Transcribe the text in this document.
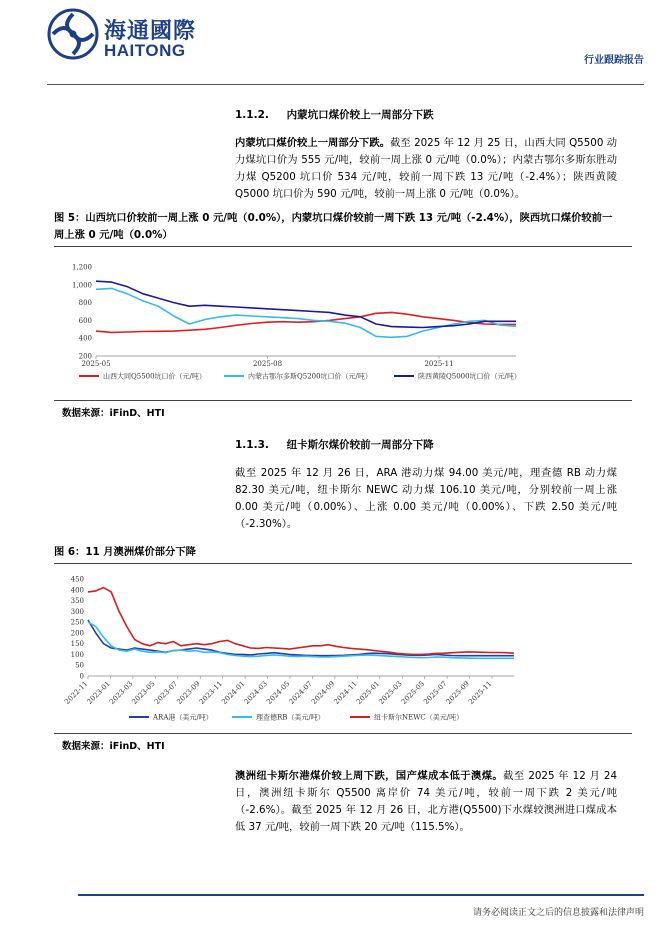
海通國際
HAITONG
行业跟踪报告
1.1.2. 内蒙坑口煤价较上一周部分下跌
内蒙坑口煤价较上一周部分下跌。截至 2025 年 12 月 25 日，山西大同 Q5500 动力煤坑口价为 555 元/吨，较前一周上涨 0 元/吨（0.0%）；内蒙古鄂尔多斯东胜动力煤 Q5200 坑口价 534 元/吨，较前一周下跌 13 元/吨（-2.4%）；陕西黄陵 Q5000 坑口价为 590 元/吨，较前一周上涨 0 元/吨（0.0%）。
图 5：山西坑口价较前一周上涨 0 元/吨（0.0%），内蒙坑口煤价较前一周下跌 13 元/吨（-2.4%），陕西坑口煤价较前一周上涨 0 元/吨（0.0%）
1,200
1,000
800
600
400
200
2025-05	2025-08	2025-11
山西大同Q5500坑口价（元/吨）	内蒙古鄂尔多斯Q5200坑口价（元/吨）	陕西黄陵Q5000坑口价（元/吨）
数据来源：iFinD、HTI
1.1.3. 纽卡斯尔煤价较前一周部分下降
截至 2025 年 12 月 26 日，ARA 港动力煤 94.00 美元/吨，理查德 RB 动力煤 82.30 美元/吨，纽卡斯尔 NEWC 动力煤 106.10 美元/吨，分别较前一周上涨 0.00 美元/吨（0.00%）、上涨 0.00 美元/吨（0.00%）、下跌 2.50 美元/吨（-2.30%）。
图 6：11 月澳洲煤价部分下降
450
400
350
300
250
200
150
100
50
0
2022-11
2023-01
2023-03
2023-05
2023-07
2023-09
2023-11
2024-01
2024-03
2024-05
2024-07
2024-09
2024-11
2025-01
2025-03
2025-05
2025-07
2025-09
2025-11
ARA港（美元/吨）	理查德RB（美元/吨）	纽卡斯尔NEWC（美元/吨）
数据来源：iFinD、HTI
澳洲纽卡斯尔港煤价较上周下跌，国产煤成本低于澳煤。截至 2025 年 12 月 24 日，澳洲纽卡斯尔 Q5500 离岸价 74 美元/吨，较前一周下跌 2 美元/吨（-2.6%）。截至 2025 年 12 月 26 日，北方港(Q5500)下水煤较澳洲进口煤成本低 37 元/吨，较前一周下跌 20 元/吨（115.5%）。
请务必阅读正文之后的信息披露和法律声明
